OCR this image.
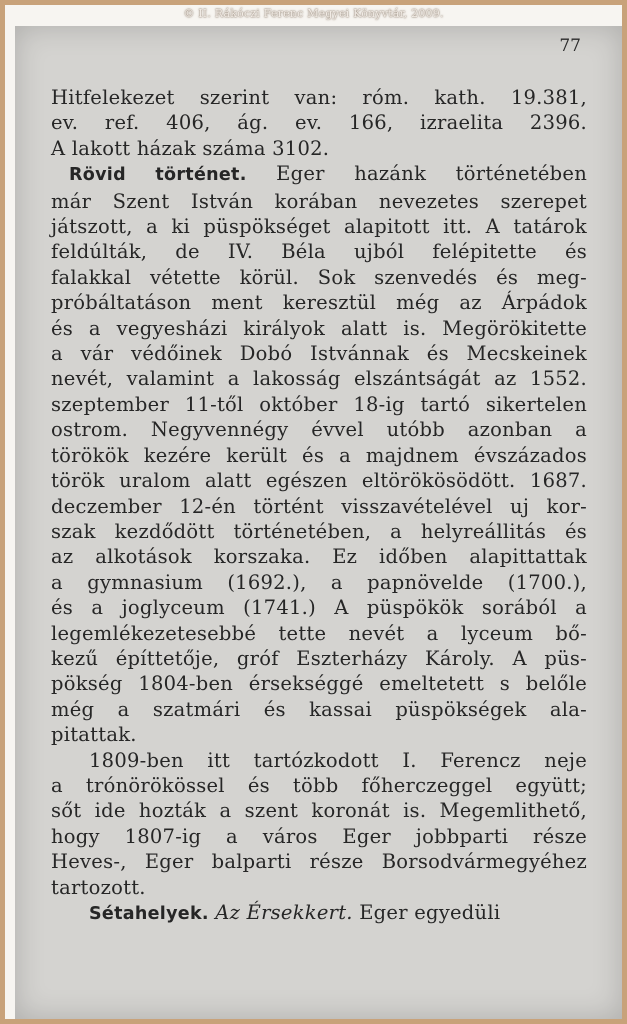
© II. Rákóczi Ferenc Megyei Könyvtár, 2009.
77
Hitfelekezet szerint van: róm. kath. 19.381,
ev. ref. 406, ág. ev. 166, izraelita 2396.
A lakott házak száma 3102.
Rövid történet. Eger hazánk történetében
már Szent István korában nevezetes szerepet
játszott, a ki püspökséget alapitott itt. A tatárok
feldúlták, de IV. Béla ujból felépitette és
falakkal vétette körül. Sok szenvedés és meg-
próbáltatáson ment keresztül még az Árpádok
és a vegyesházi királyok alatt is. Megörökitette
a vár védőinek Dobó Istvánnak és Mecskeinek
nevét, valamint a lakosság elszántságát az 1552.
szeptember 11-től október 18-ig tartó sikertelen
ostrom. Negyvennégy évvel utóbb azonban a
törökök kezére került és a majdnem évszázados
török uralom alatt egészen eltörökösödött. 1687.
deczember 12-én történt visszavételével uj kor-
szak kezdődött történetében, a helyreállitás és
az alkotások korszaka. Ez időben alapittattak
a gymnasium (1692.), a papnövelde (1700.),
és a joglyceum (1741.) A püspökök sorából a
legemlékezetesebbé tette nevét a lyceum bő-
kezű építtetője, gróf Eszterházy Károly. A püs-
pökség 1804-ben érsekséggé emeltetett s belőle
még a szatmári és kassai püspökségek ala-
pitattak.
1809-ben itt tartózkodott I. Ferencz neje
a trónörökössel és több főherczeggel együtt;
sőt ide hozták a szent koronát is. Megemlithető,
hogy 1807-ig a város Eger jobbparti része
Heves-, Eger balparti része Borsodvármegyéhez
tartozott.
Sétahelyek. Az Érsekkert. Eger egyedüli
